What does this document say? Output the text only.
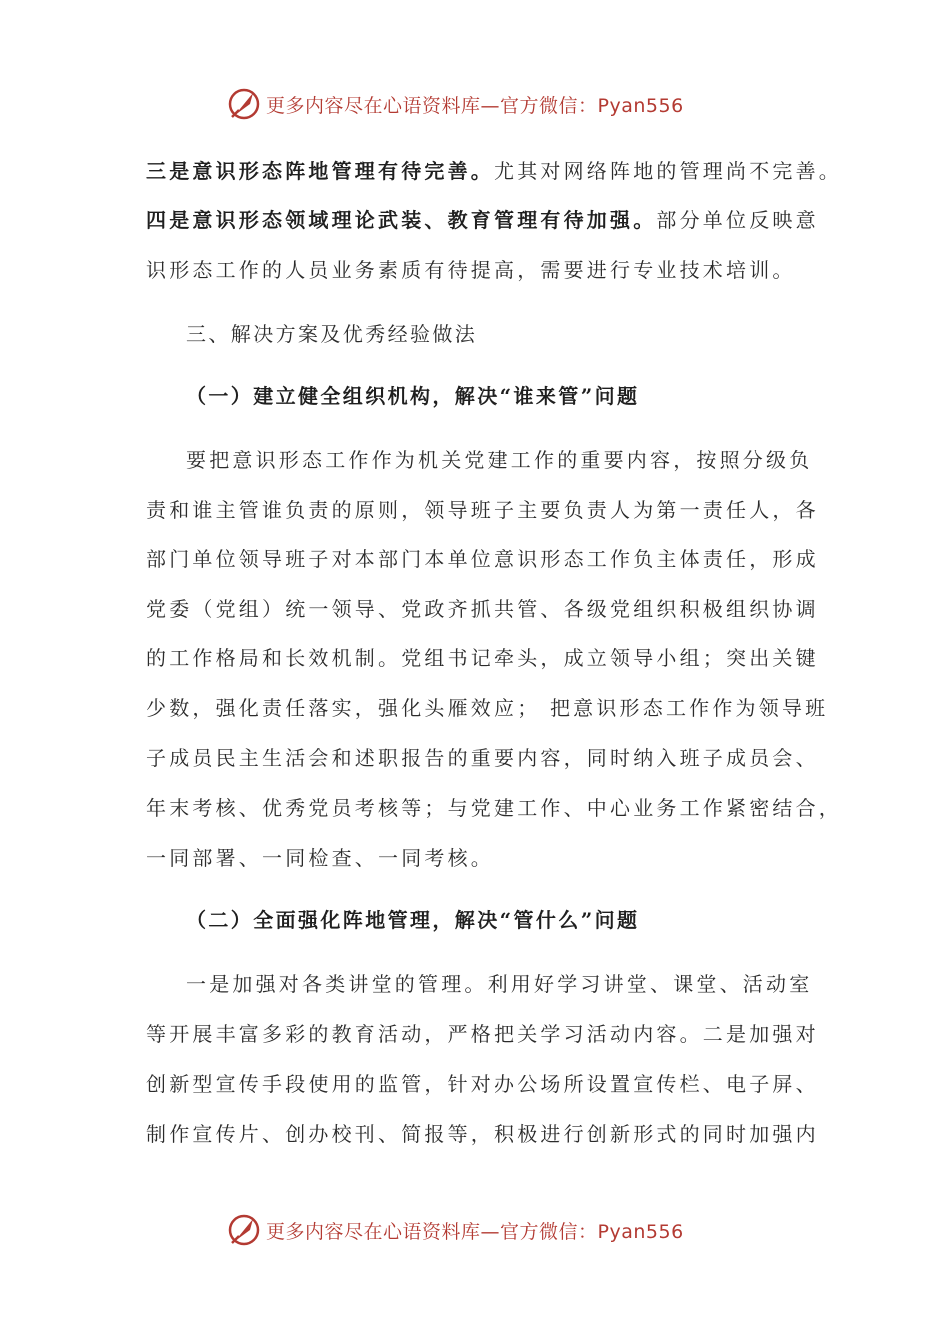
更多内容尽在心语资料库—官方微信：Pyan556
三是意识形态阵地管理有待完善。尤其对网络阵地的管理尚不完善。
四是意识形态领域理论武装、教育管理有待加强。部分单位反映意
识形态工作的人员业务素质有待提高，需要进行专业技术培训。
三、解决方案及优秀经验做法
（一）建立健全组织机构，解决“谁来管”问题
要把意识形态工作作为机关党建工作的重要内容，按照分级负
责和谁主管谁负责的原则，领导班子主要负责人为第一责任人，各
部门单位领导班子对本部门本单位意识形态工作负主体责任，形成
党委（党组）统一领导、党政齐抓共管、各级党组织积极组织协调
的工作格局和长效机制。党组书记牵头，成立领导小组；突出关键
少数，强化责任落实，强化头雁效应； 把意识形态工作作为领导班
子成员民主生活会和述职报告的重要内容，同时纳入班子成员会、
年末考核、优秀党员考核等；与党建工作、中心业务工作紧密结合，
一同部署、一同检查、一同考核。
（二）全面强化阵地管理，解决“管什么”问题
一是加强对各类讲堂的管理。利用好学习讲堂、课堂、活动室
等开展丰富多彩的教育活动，严格把关学习活动内容。二是加强对
创新型宣传手段使用的监管，针对办公场所设置宣传栏、电子屏、
制作宣传片、创办校刊、简报等，积极进行创新形式的同时加强内
更多内容尽在心语资料库—官方微信：Pyan556
